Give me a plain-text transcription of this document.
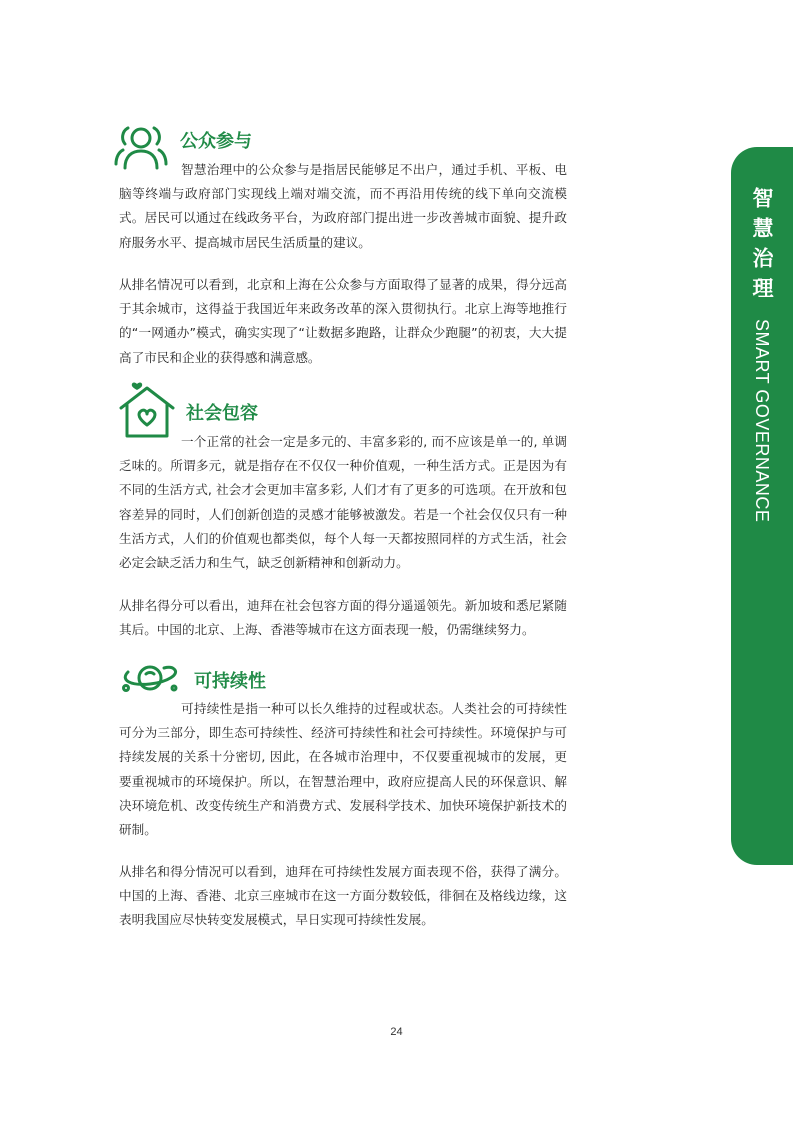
智慧治理SMART GOVERNANCE
公众参与

智慧治理中的公众参与是指居民能够足不出户，通过手机、平板、电脑等终端与政府部门实现线上端对端交流，而不再沿用传统的线下单向交流模式。居民可以通过在线政务平台，为政府部门提出进一步改善城市面貌、提升政府服务水平、提高城市居民生活质量的建议。

从排名情况可以看到，北京和上海在公众参与方面取得了显著的成果，得分远高于其余城市，这得益于我国近年来政务改革的深入贯彻执行。北京上海等地推行的“一网通办”模式，确实实现了“让数据多跑路，让群众少跑腿”的初衷，大大提高了市民和企业的获得感和满意感。

社会包容

一个正常的社会一定是多元的、丰富多彩的, 而不应该是单一的, 单调乏味的。所谓多元，就是指存在不仅仅一种价值观，一种生活方式。正是因为有不同的生活方式, 社会才会更加丰富多彩, 人们才有了更多的可选项。在开放和包容差异的同时，人们创新创造的灵感才能够被激发。若是一个社会仅仅只有一种生活方式，人们的价值观也都类似，每个人每一天都按照同样的方式生活，社会必定会缺乏活力和生气，缺乏创新精神和创新动力。

从排名得分可以看出，迪拜在社会包容方面的得分遥遥领先。新加坡和悉尼紧随其后。中国的北京、上海、香港等城市在这方面表现一般，仍需继续努力。

可持续性

可持续性是指一种可以长久维持的过程或状态。人类社会的可持续性可分为三部分，即生态可持续性、经济可持续性和社会可持续性。环境保护与可持续发展的关系十分密切, 因此，在各城市治理中，不仅要重视城市的发展，更要重视城市的环境保护。所以，在智慧治理中，政府应提高人民的环保意识、解决环境危机、改变传统生产和消费方式、发展科学技术、加快环境保护新技术的研制。

从排名和得分情况可以看到，迪拜在可持续性发展方面表现不俗，获得了满分。中国的上海、香港、北京三座城市在这一方面分数较低，徘徊在及格线边缘，这表明我国应尽快转变发展模式，早日实现可持续性发展。

24
